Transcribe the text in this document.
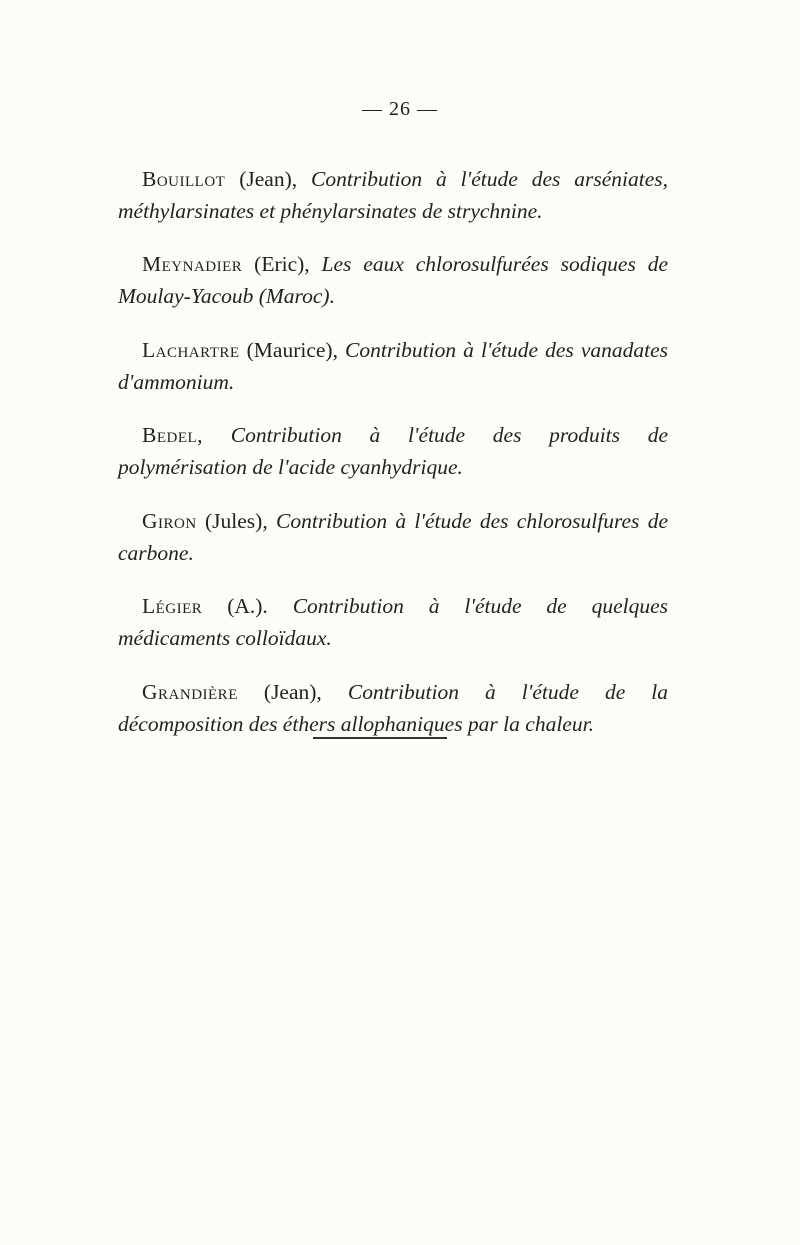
— 26 —

Bouillot (Jean), Contribution à l'étude des arséniates, méthylarsinates et phénylarsinates de strychnine.

Meynadier (Eric), Les eaux chlorosulfurées sodiques de Moulay-Yacoub (Maroc).

Lachartre (Maurice), Contribution à l'étude des vanadates d'ammonium.

Bedel, Contribution à l'étude des produits de polymérisation de l'acide cyanhydrique.

Giron (Jules), Contribution à l'étude des chlorosulfures de carbone.

Légier (A.). Contribution à l'étude de quelques médicaments colloïdaux.

Grandière (Jean), Contribution à l'étude de la décomposition des éthers allophaniques par la chaleur.
